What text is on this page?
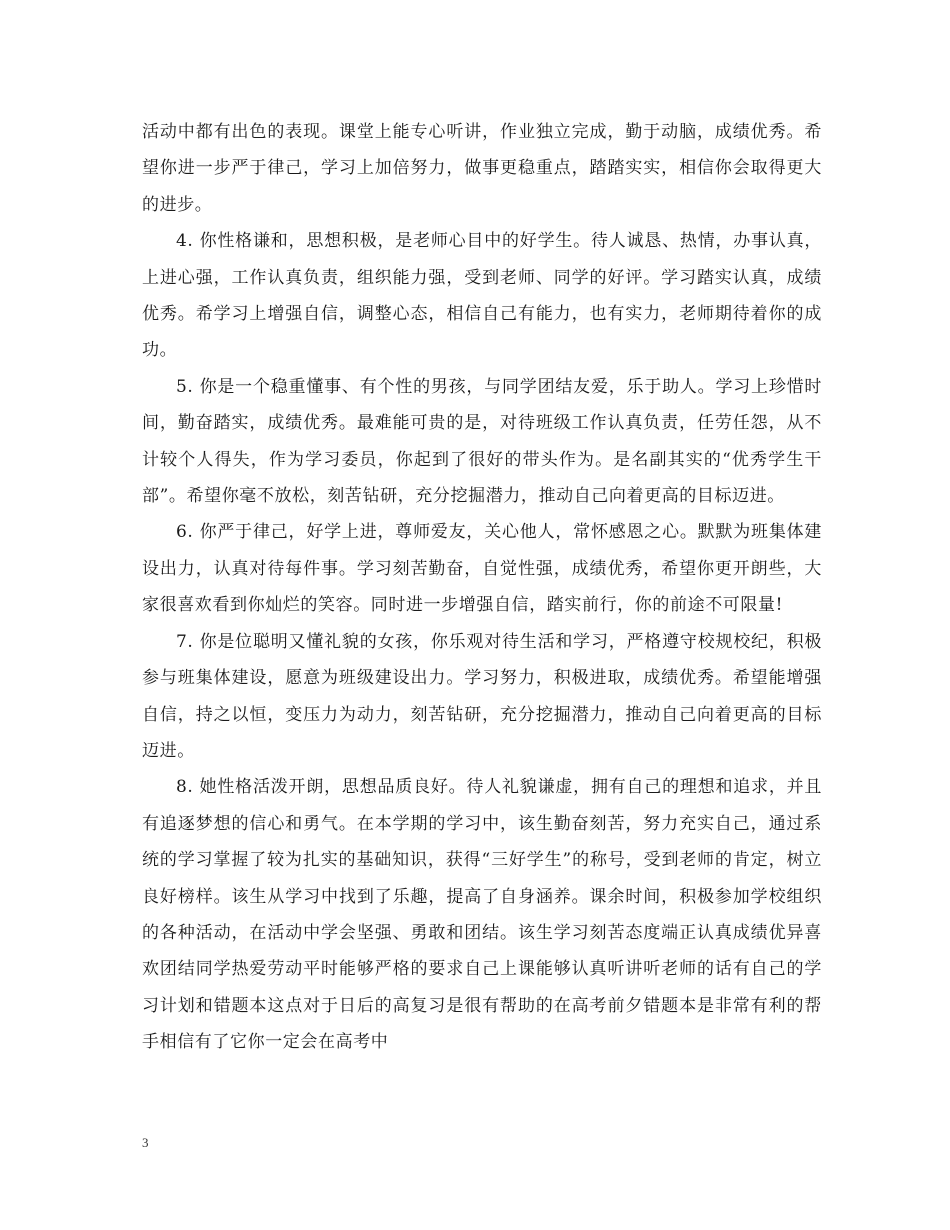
活动中都有出色的表现。课堂上能专心听讲，作业独立完成，勤于动脑，成绩优秀。希望你进一步严于律己，学习上加倍努力，做事更稳重点，踏踏实实，相信你会取得更大的进步。

4. 你性格谦和，思想积极，是老师心目中的好学生。待人诚恳、热情，办事认真，上进心强，工作认真负责，组织能力强，受到老师、同学的好评。学习踏实认真，成绩优秀。希学习上增强自信，调整心态，相信自己有能力，也有实力，老师期待着你的成功。

5. 你是一个稳重懂事、有个性的男孩，与同学团结友爱，乐于助人。学习上珍惜时间，勤奋踏实，成绩优秀。最难能可贵的是，对待班级工作认真负责，任劳任怨，从不计较个人得失，作为学习委员，你起到了很好的带头作为。是名副其实的“优秀学生干部”。希望你毫不放松，刻苦钻研，充分挖掘潜力，推动自己向着更高的目标迈进。

6. 你严于律己，好学上进，尊师爱友，关心他人，常怀感恩之心。默默为班集体建设出力，认真对待每件事。学习刻苦勤奋，自觉性强，成绩优秀，希望你更开朗些，大家很喜欢看到你灿烂的笑容。同时进一步增强自信，踏实前行，你的前途不可限量!

7. 你是位聪明又懂礼貌的女孩，你乐观对待生活和学习，严格遵守校规校纪，积极参与班集体建设，愿意为班级建设出力。学习努力，积极进取，成绩优秀。希望能增强自信，持之以恒，变压力为动力，刻苦钻研，充分挖掘潜力，推动自己向着更高的目标迈进。

8. 她性格活泼开朗，思想品质良好。待人礼貌谦虚，拥有自己的理想和追求，并且有追逐梦想的信心和勇气。在本学期的学习中，该生勤奋刻苦，努力充实自己，通过系统的学习掌握了较为扎实的基础知识，获得“三好学生”的称号，受到老师的肯定，树立良好榜样。该生从学习中找到了乐趣，提高了自身涵养。课余时间，积极参加学校组织的各种活动，在活动中学会坚强、勇敢和团结。该生学习刻苦态度端正认真成绩优异喜欢团结同学热爱劳动平时能够严格的要求自己上课能够认真听讲听老师的话有自己的学习计划和错题本这点对于日后的高复习是很有帮助的在高考前夕错题本是非常有利的帮手相信有了它你一定会在高考中

3
